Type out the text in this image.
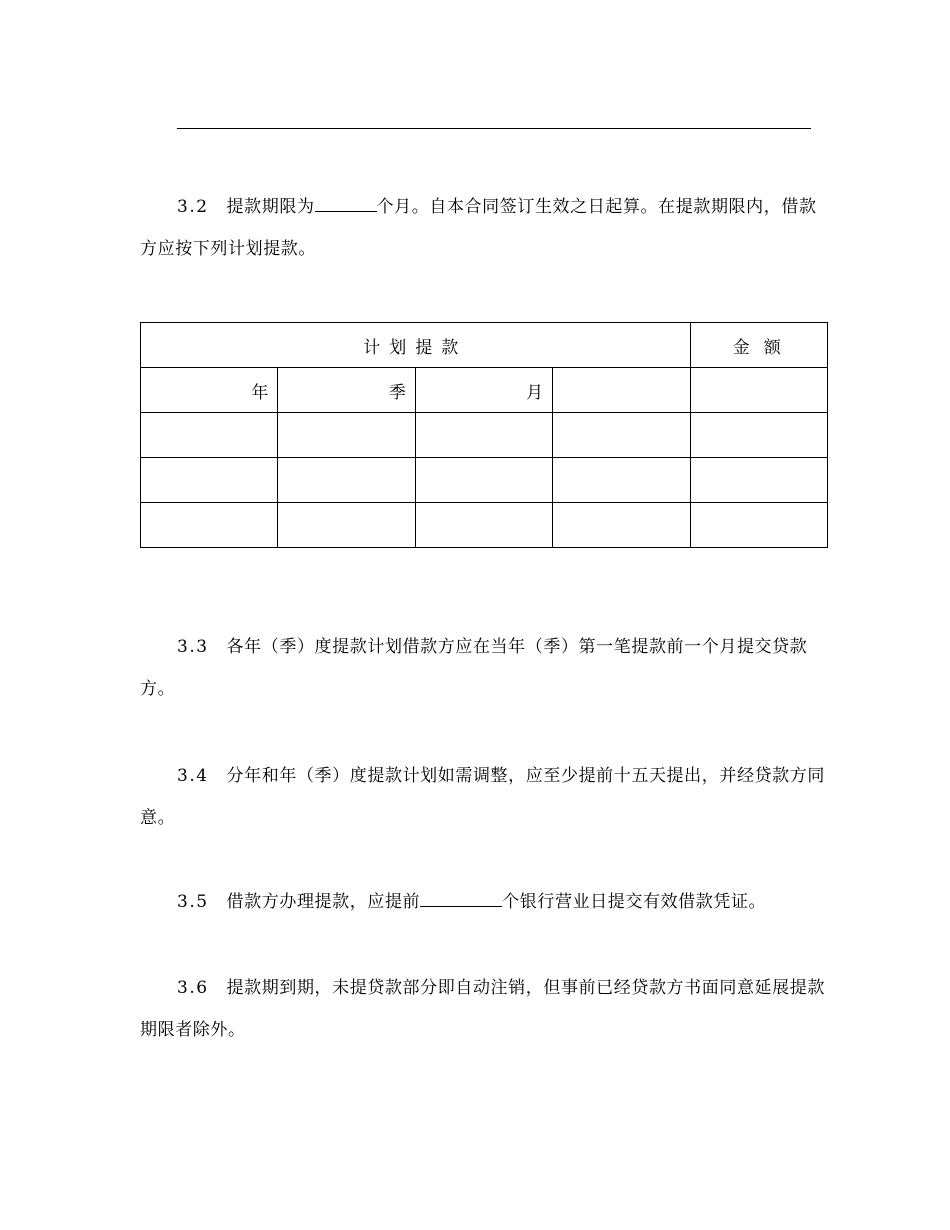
3.2 提款期限为	个月。自本合同签订生效之日起算。在提款期限内，借款方应按下列计划提款。
计划提款				金额
年	季	月		

3.3 各年（季）度提款计划借款方应在当年（季）第一笔提款前一个月提交贷款方。
3.4 分年和年（季）度提款计划如需调整，应至少提前十五天提出，并经贷款方同意。
3.5 借款方办理提款，应提前	个银行营业日提交有效借款凭证。
3.6 提款期到期，未提贷款部分即自动注销，但事前已经贷款方书面同意延展提款期限者除外。
